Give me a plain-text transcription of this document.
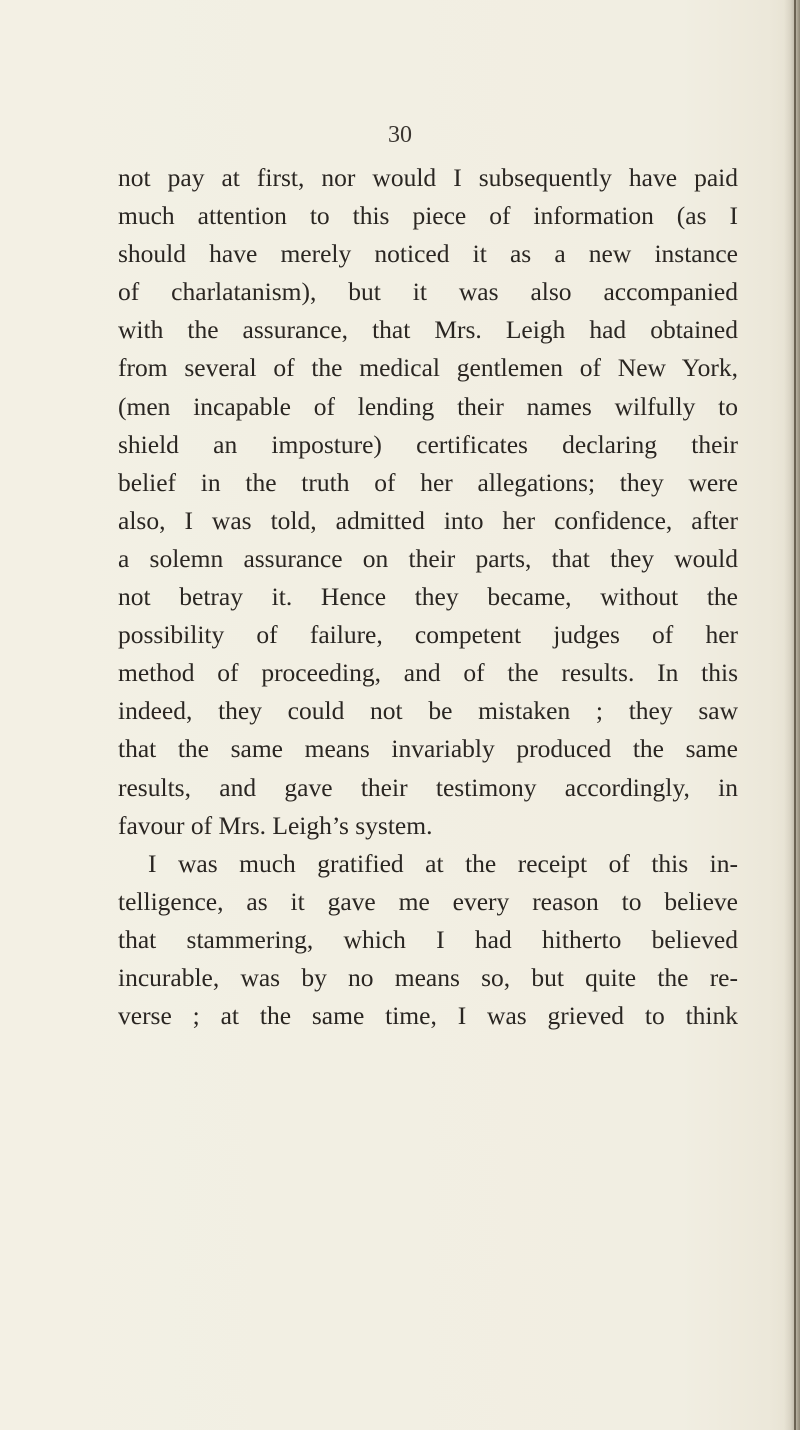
30
not pay at first, nor would I subsequently have paid
much attention to this piece of information (as I
should have merely noticed it as a new instance
of charlatanism), but it was also accompanied
with the assurance, that Mrs. Leigh had obtained
from several of the medical gentlemen of New York,
(men incapable of lending their names wilfully to
shield an imposture) certificates declaring their
belief in the truth of her allegations; they were
also, I was told, admitted into her confidence, after
a solemn assurance on their parts, that they would
not betray it. Hence they became, without the
possibility of failure, competent judges of her
method of proceeding, and of the results. In this
indeed, they could not be mistaken ; they saw
that the same means invariably produced the same
results, and gave their testimony accordingly, in
favour of Mrs. Leigh’s system.
I was much gratified at the receipt of this in-
telligence, as it gave me every reason to believe
that stammering, which I had hitherto believed
incurable, was by no means so, but quite the re-
verse ; at the same time, I was grieved to think
